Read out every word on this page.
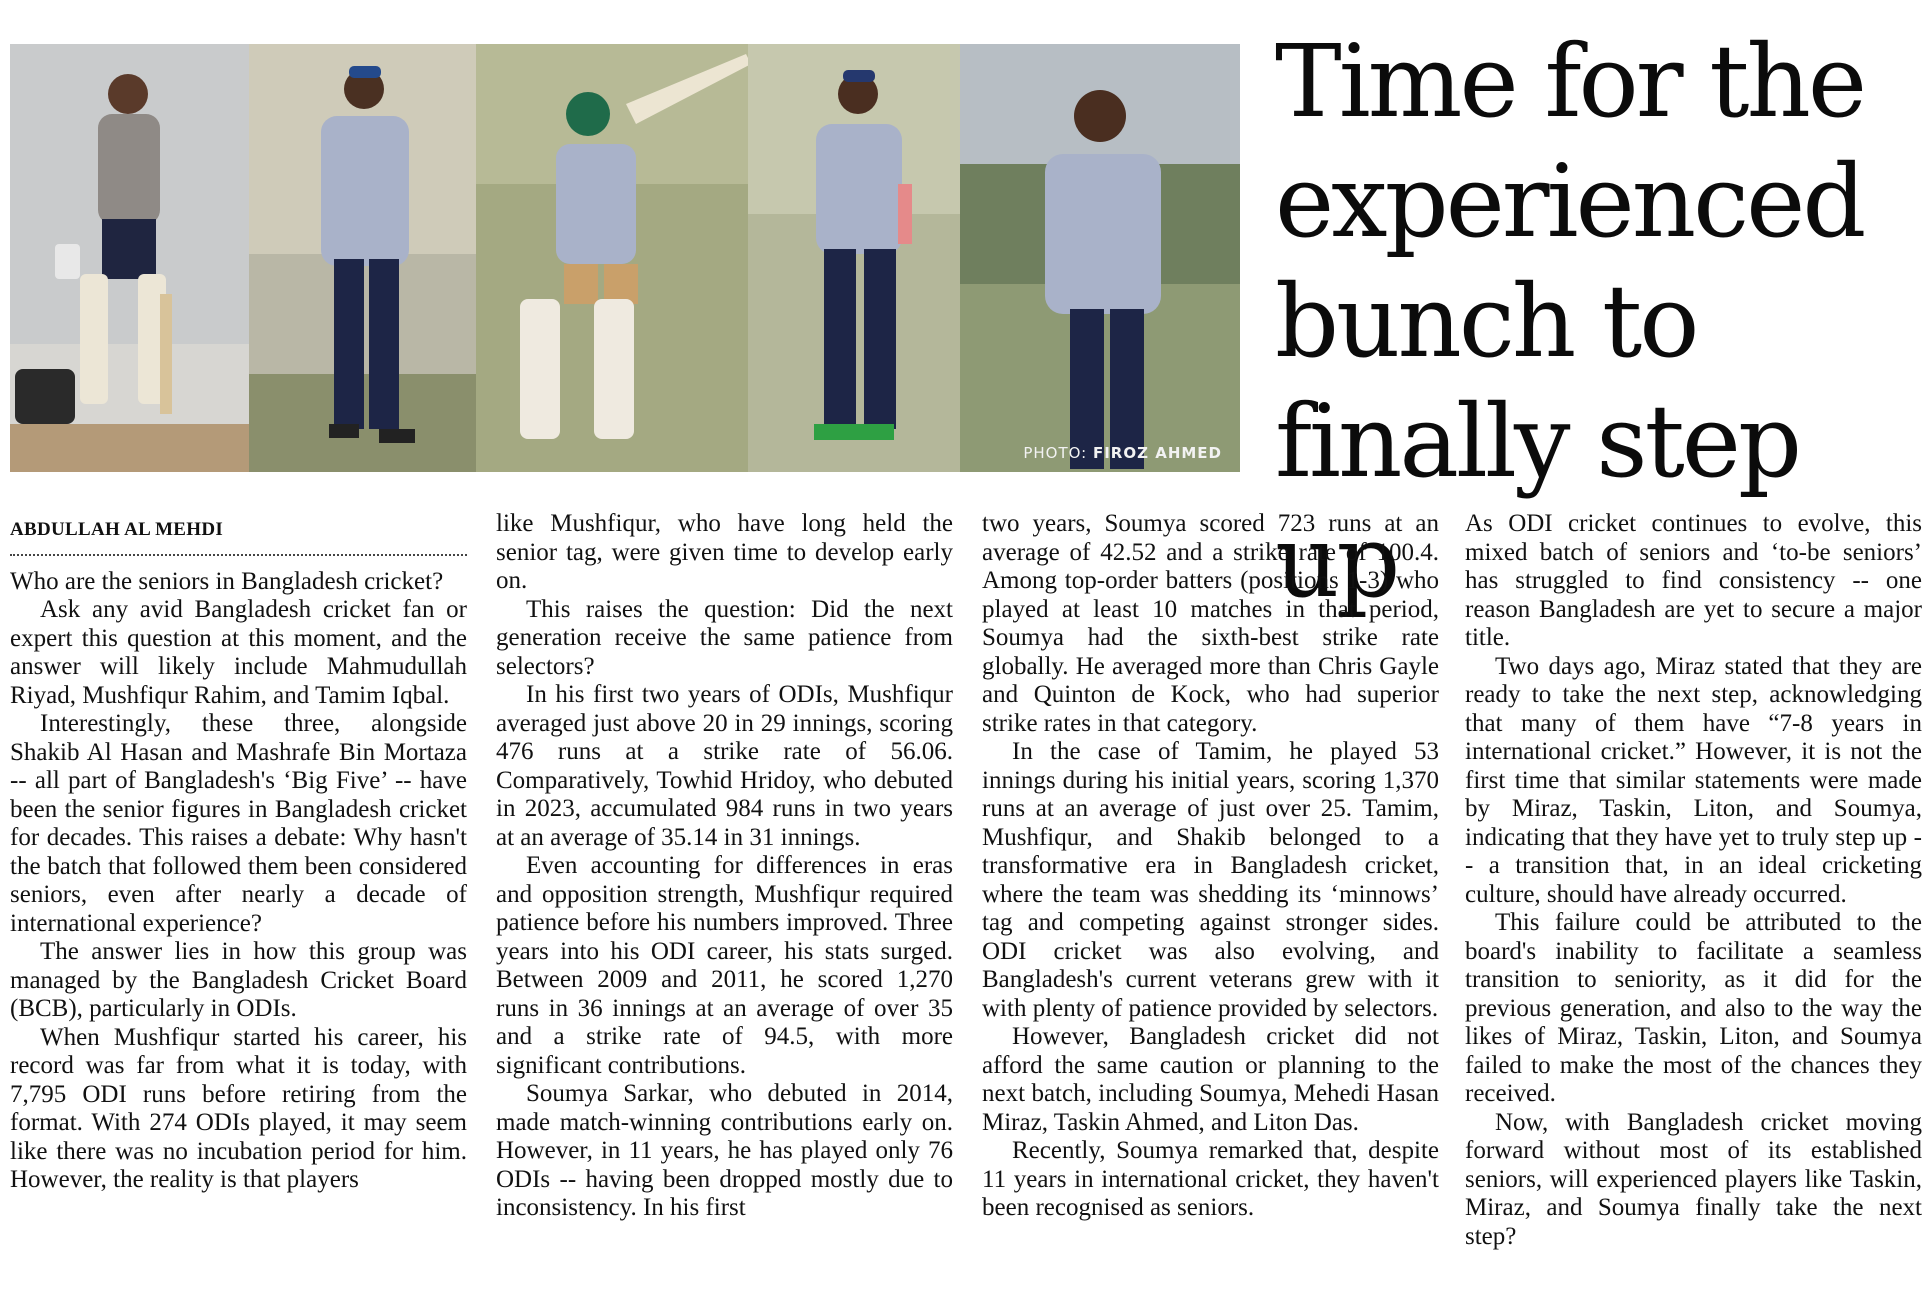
PHOTO: FIROZ AHMED
Time for the experienced bunch to finally step up
ABDULLAH AL MEHDI

Who are the seniors in Bangladesh cricket?

Ask any avid Bangladesh cricket fan or expert this question at this moment, and the answer will likely include Mahmudullah Riyad, Mushfiqur Rahim, and Tamim Iqbal.

Interestingly, these three, alongside Shakib Al Hasan and Mashrafe Bin Mortaza -- all part of Bangladesh's ‘Big Five’ -- have been the senior figures in Bangladesh cricket for decades. This raises a debate: Why hasn't the batch that followed them been considered seniors, even after nearly a decade of international experience?

The answer lies in how this group was managed by the Bangladesh Cricket Board (BCB), particularly in ODIs.

When Mushfiqur started his career, his record was far from what it is today, with 7,795 ODI runs before retiring from the format. With 274 ODIs played, it may seem like there was no incubation period for him. However, the reality is that players

like Mushfiqur, who have long held the senior tag, were given time to develop early on.

This raises the question: Did the next generation receive the same patience from selectors?

In his first two years of ODIs, Mushfiqur averaged just above 20 in 29 innings, scoring 476 runs at a strike rate of 56.06. Comparatively, Towhid Hridoy, who debuted in 2023, accumulated 984 runs in two years at an average of 35.14 in 31 innings.

Even accounting for differences in eras and opposition strength, Mushfiqur required patience before his numbers improved. Three years into his ODI career, his stats surged. Between 2009 and 2011, he scored 1,270 runs in 36 innings at an average of over 35 and a strike rate of 94.5, with more significant contributions.

Soumya Sarkar, who debuted in 2014, made match-winning contributions early on. However, in 11 years, he has played only 76 ODIs -- having been dropped mostly due to inconsistency. In his first

two years, Soumya scored 723 runs at an average of 42.52 and a strike rate of 100.4. Among top-order batters (positions 1-3) who played at least 10 matches in that period, Soumya had the sixth-best strike rate globally. He averaged more than Chris Gayle and Quinton de Kock, who had superior strike rates in that category.

In the case of Tamim, he played 53 innings during his initial years, scoring 1,370 runs at an average of just over 25. Tamim, Mushfiqur, and Shakib belonged to a transformative era in Bangladesh cricket, where the team was shedding its ‘minnows’ tag and competing against stronger sides. ODI cricket was also evolving, and Bangladesh's current veterans grew with it with plenty of patience provided by selectors.

However, Bangladesh cricket did not afford the same caution or planning to the next batch, including Soumya, Mehedi Hasan Miraz, Taskin Ahmed, and Liton Das.

Recently, Soumya remarked that, despite 11 years in international cricket, they haven't been recognised as seniors.

As ODI cricket continues to evolve, this mixed batch of seniors and ‘to-be seniors’ has struggled to find consistency -- one reason Bangladesh are yet to secure a major title.

Two days ago, Miraz stated that they are ready to take the next step, acknowledging that many of them have “7-8 years in international cricket.” However, it is not the first time that similar statements were made by Miraz, Taskin, Liton, and Soumya, indicating that they have yet to truly step up -- a transition that, in an ideal cricketing culture, should have already occurred.

This failure could be attributed to the board's inability to facilitate a seamless transition to seniority, as it did for the previous generation, and also to the way the likes of Miraz, Taskin, Liton, and Soumya failed to make the most of the chances they received.

Now, with Bangladesh cricket moving forward without most of its established seniors, will experienced players like Taskin, Miraz, and Soumya finally take the next step?
